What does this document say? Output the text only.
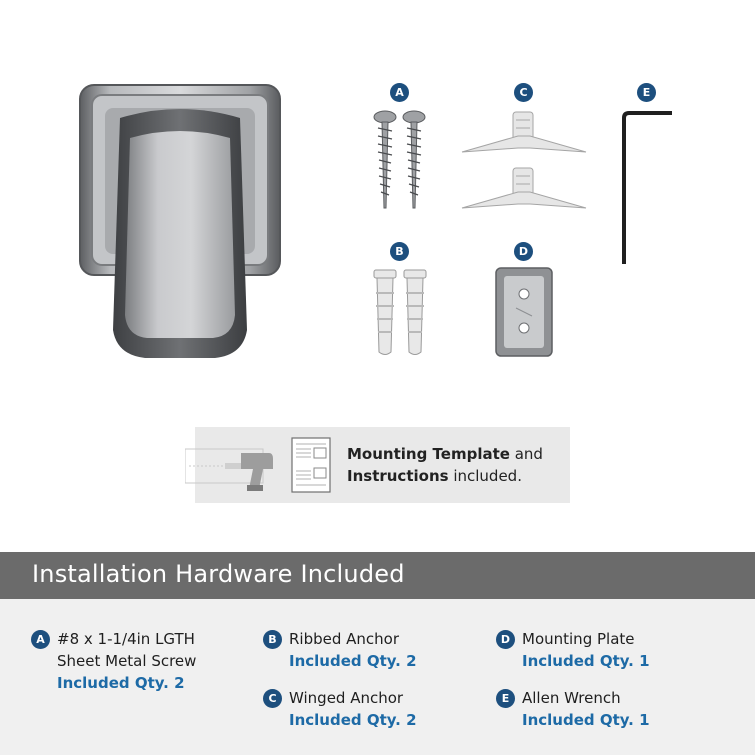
A
B
C
D
E
Mounting Template and
Instructions included.
Installation Hardware Included
A #8 x 1-1/4in LGTH
Sheet Metal Screw
Included Qty. 2
B Ribbed Anchor
Included Qty. 2
C Winged Anchor
Included Qty. 2
D Mounting Plate
Included Qty. 1
E Allen Wrench
Included Qty. 1
